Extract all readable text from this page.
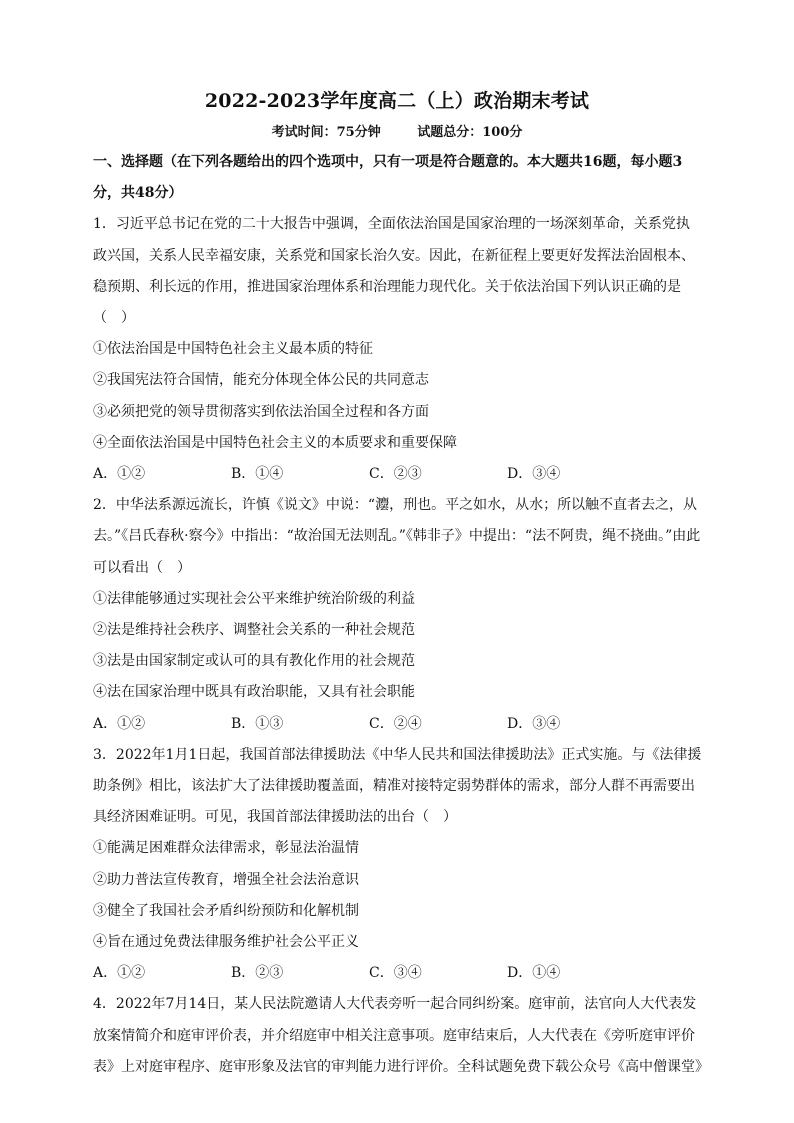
2022-2023学年度高二（上）政治期末考试
考试时间：75分钟	试题总分：100分
一、选择题（在下列各题给出的四个选项中，只有一项是符合题意的。本大题共16题，每小题3分，共48分）
1．习近平总书记在党的二十大报告中强调，全面依法治国是国家治理的一场深刻革命，关系党执政兴国，关系人民幸福安康，关系党和国家长治久安。因此，在新征程上要更好发挥法治固根本、稳预期、利长远的作用，推进国家治理体系和治理能力现代化。关于依法治国下列认识正确的是（　）
①依法治国是中国特色社会主义最本质的特征
②我国宪法符合国情，能充分体现全体公民的共同意志
③必须把党的领导贯彻落实到依法治国全过程和各方面
④全面依法治国是中国特色社会主义的本质要求和重要保障
A．①②	B．①④	C．②③	D．③④
2．中华法系源远流长，许慎《说文》中说：“灋，刑也。平之如水，从水；所以触不直者去之，从去。”《吕氏春秋·察今》中指出：“故治国无法则乱。”《韩非子》中提出：“法不阿贵，绳不挠曲。”由此可以看出（　）
①法律能够通过实现社会公平来维护统治阶级的利益
②法是维持社会秩序、调整社会关系的一种社会规范
③法是由国家制定或认可的具有教化作用的社会规范
④法在国家治理中既具有政治职能，又具有社会职能
A．①②	B．①③	C．②④	D．③④
3．2022年1月1日起，我国首部法律援助法《中华人民共和国法律援助法》正式实施。与《法律援助条例》相比，该法扩大了法律援助覆盖面，精准对接特定弱势群体的需求，部分人群不再需要出具经济困难证明。可见，我国首部法律援助法的出台（　）
①能满足困难群众法律需求，彰显法治温情
②助力普法宣传教育，增强全社会法治意识
③健全了我国社会矛盾纠纷预防和化解机制
④旨在通过免费法律服务维护社会公平正义
A．①②	B．②③	C．③④	D．①④
4．2022年7月14日，某人民法院邀请人大代表旁听一起合同纠纷案。庭审前，法官向人大代表发放案情简介和庭审评价表，并介绍庭审中相关注意事项。庭审结束后，人大代表在《旁听庭审评价表》上对庭审程序、庭审形象及法官的审判能力进行评价。全科试题免费下载公众号《高中僧课堂》
